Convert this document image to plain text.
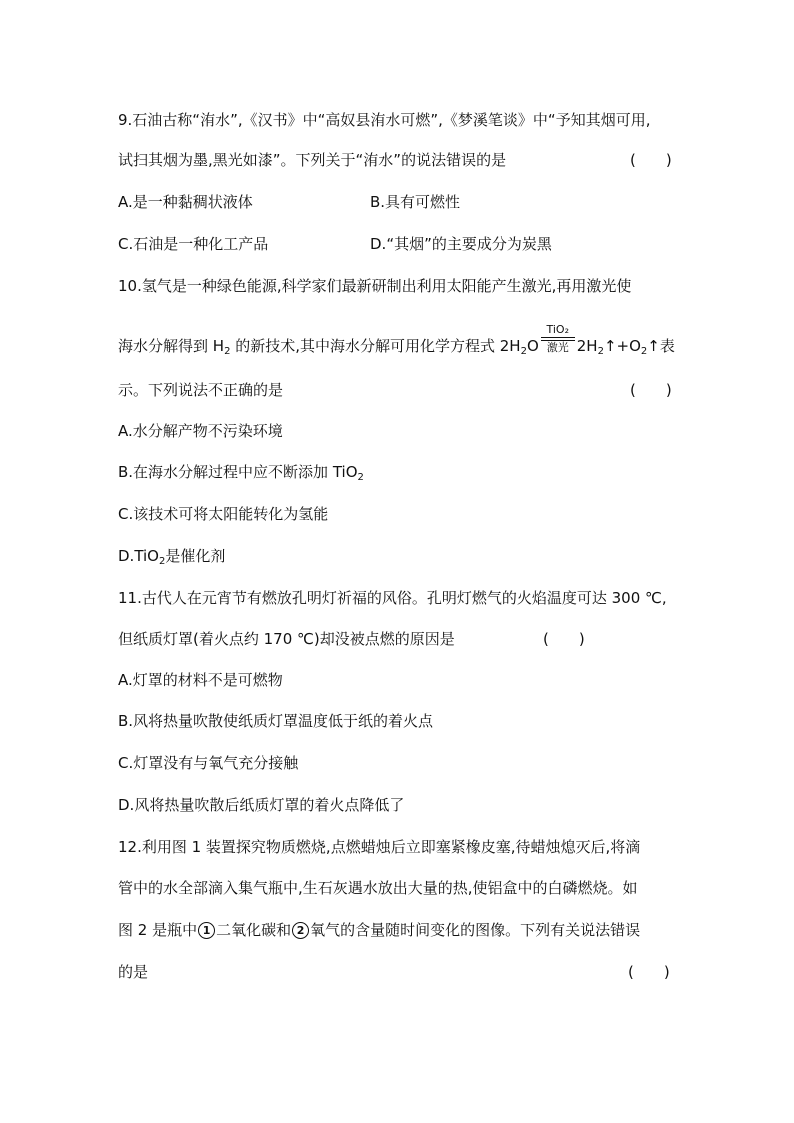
9.石油古称“洧水”,《汉书》中“高奴县洧水可燃”,《梦溪笔谈》中“予知其烟可用,
试扫其烟为墨,黑光如漆”。下列关于“洧水”的说法错误的是	(　　)
A.是一种黏稠状液体	B.具有可燃性
C.石油是一种化工产品	D.“其烟”的主要成分为炭黑
10.氢气是一种绿色能源,科学家们最新研制出利用太阳能产生激光,再用激光使
海水分解得到 $H_2$ 的新技术,其中海水分解可用化学方程式 $2H_2O$
TiO₂
激光 $2H_2↑+O_2↑$表
示。下列说法不正确的是	(　　)
A.水分解产物不污染环境
B.在海水分解过程中应不断添加 TiO$_2$
C.该技术可将太阳能转化为氢能
D.TiO$_2$是催化剂
11.古代人在元宵节有燃放孔明灯祈福的风俗。孔明灯燃气的火焰温度可达 300 ℃,
但纸质灯罩(着火点约 170 ℃)却没被点燃的原因是	(　　)
A.灯罩的材料不是可燃物
B.风将热量吹散使纸质灯罩温度低于纸的着火点
C.灯罩没有与氧气充分接触
D.风将热量吹散后纸质灯罩的着火点降低了
12.利用图 1 装置探究物质燃烧,点燃蜡烛后立即塞紧橡皮塞,待蜡烛熄灭后,将滴
管中的水全部滴入集气瓶中,生石灰遇水放出大量的热,使铝盒中的白磷燃烧。如
图 2 是瓶中 1 二氧化碳和 2 氧气的含量随时间变化的图像。下列有关说法错误
的是	(　　)
